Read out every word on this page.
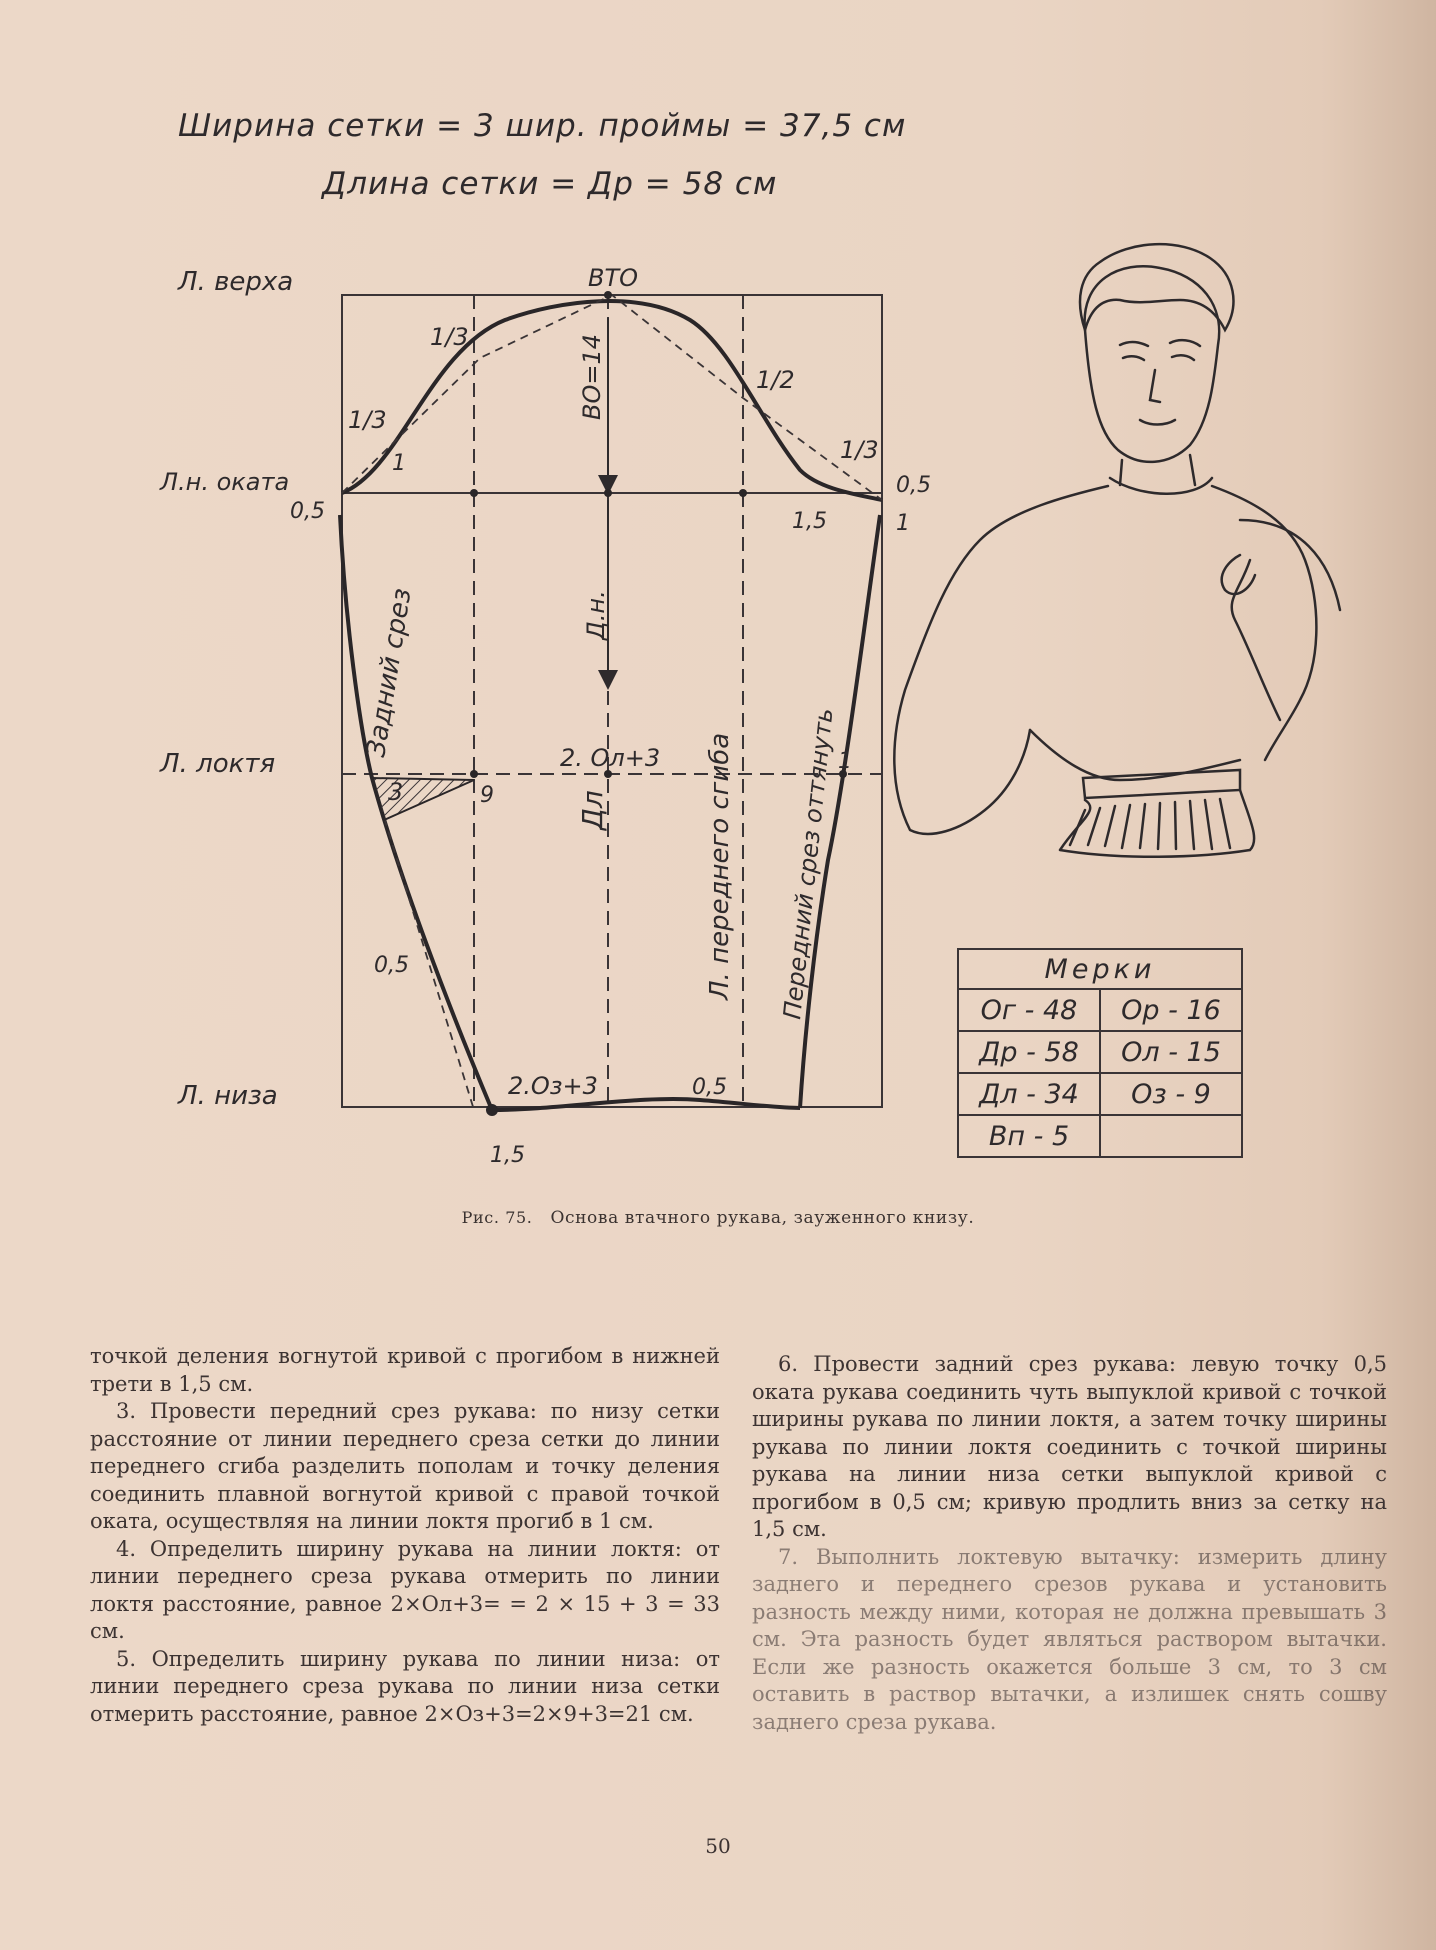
Ширина сетки = 3 шир. проймы = 37,5 см
Длина сетки = Др = 58 см
Л. верха
Л.н. оката
Л. локтя
Л. низа
ВТО
ВО=14
Д.н.
Дл
1/3
1/3
1/3
1/2
1
1
1
0,5
0,5
0,5
0,5
1,5
1,5
3	9
2. Ол+3
2.Оз+3
Задний срез
Л. переднего сгиба Передний срез оттянуть	Мерки	
Ог - 48	Ор - 16
Др - 58	Ол - 15
Дл - 34	Оз - 9
Вп - 5	
Рис. 75. Основа втачного рукава, зауженного книзу.

точкой деления вогнутой кривой с прогибом в нижней трети в 1,5 см.

3. Провести передний срез рукава: по низу сетки расстояние от линии переднего среза сетки до линии переднего сгиба разделить пополам и точку деления соединить плавной вогнутой кривой с правой точкой оката, осуществляя на линии локтя прогиб в 1 см.

4. Определить ширину рукава на линии локтя: от линии переднего среза рукава отмерить по линии локтя расстояние, равное 2×Ол+3= = 2 × 15 + 3 = 33 см.

5. Определить ширину рукава по линии низа: от линии переднего среза рукава по линии низа сетки отмерить расстояние, равное 2×Оз+3=2×9+3=21 см.

6. Провести задний срез рукава: левую точку 0,5 оката рукава соединить чуть выпуклой кривой с точкой ширины рукава по линии локтя, а затем точку ширины рукава по линии локтя соединить с точкой ширины рукава на линии низа сетки выпуклой кривой с прогибом в 0,5 см; кривую продлить вниз за сетку на 1,5 см.

7. Выполнить локтевую вытачку: измерить длину заднего и переднего срезов рукава и установить разность между ними, которая не должна превышать 3 см. Эта разность будет являться раствором вытачки. Если же разность окажется больше 3 см, то 3 см оставить в раствор вытачки, а излишек снять сошву заднего среза рукава.

50
